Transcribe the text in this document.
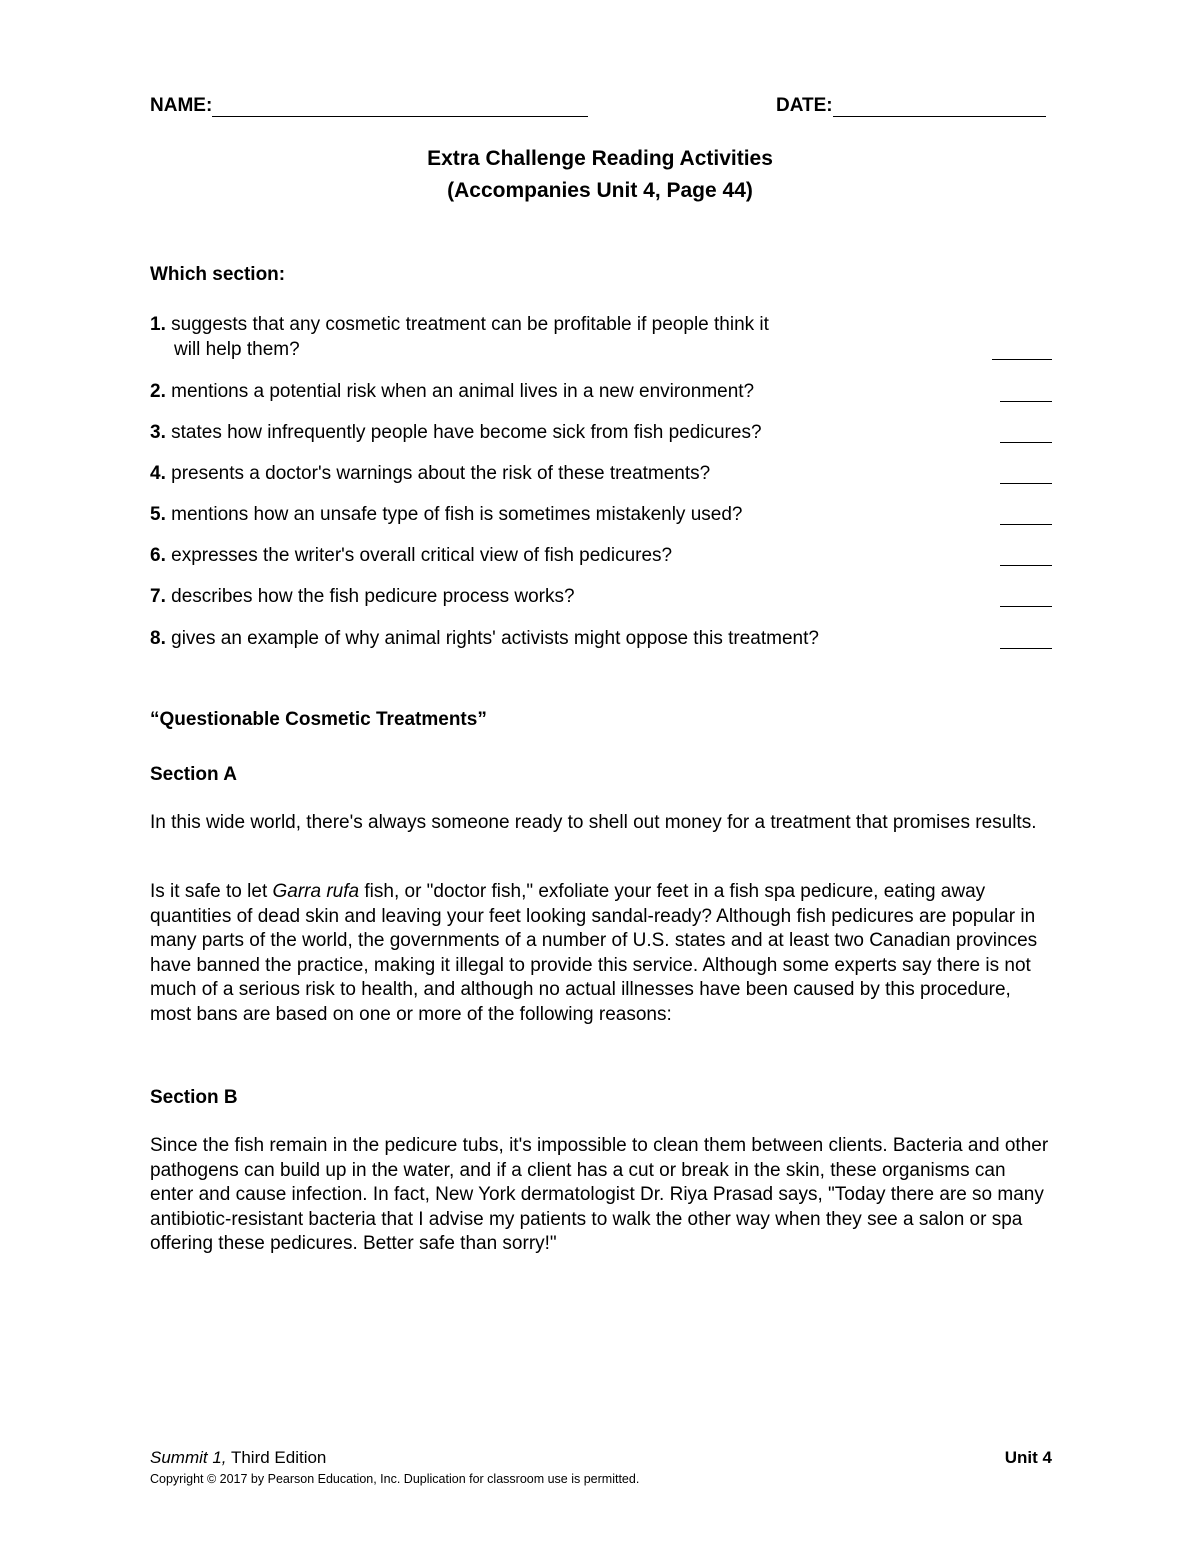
NAME:	DATE:
Extra Challenge Reading Activities
(Accompanies Unit 4, Page 44)
Which section:
1. suggests that any cosmetic treatment can be profitable if people think it
will help them?
2. mentions a potential risk when an animal lives in a new environment?
3. states how infrequently people have become sick from fish pedicures?
4. presents a doctor's warnings about the risk of these treatments?
5. mentions how an unsafe type of fish is sometimes mistakenly used?
6. expresses the writer's overall critical view of fish pedicures?
7. describes how the fish pedicure process works?
8. gives an example of why animal rights' activists might oppose this treatment?
“Questionable Cosmetic Treatments”
Section A
In this wide world, there's always someone ready to shell out money for a treatment that promises results.
Is it safe to let Garra rufa fish, or "doctor fish," exfoliate your feet in a fish spa pedicure, eating away quantities of dead skin and leaving your feet looking sandal-ready? Although fish pedicures are popular in many parts of the world, the governments of a number of U.S. states and at least two Canadian provinces have banned the practice, making it illegal to provide this service. Although some experts say there is not much of a serious risk to health, and although no actual illnesses have been caused by this procedure, most bans are based on one or more of the following reasons:
Section B
Since the fish remain in the pedicure tubs, it's impossible to clean them between clients. Bacteria and other pathogens can build up in the water, and if a client has a cut or break in the skin, these organisms can enter and cause infection. In fact, New York dermatologist Dr. Riya Prasad says, "Today there are so many antibiotic-resistant bacteria that I advise my patients to walk the other way when they see a salon or spa offering these pedicures. Better safe than sorry!"
Summit 1, Third Edition	Unit 4
Copyright © 2017 by Pearson Education, Inc. Duplication for classroom use is permitted.
